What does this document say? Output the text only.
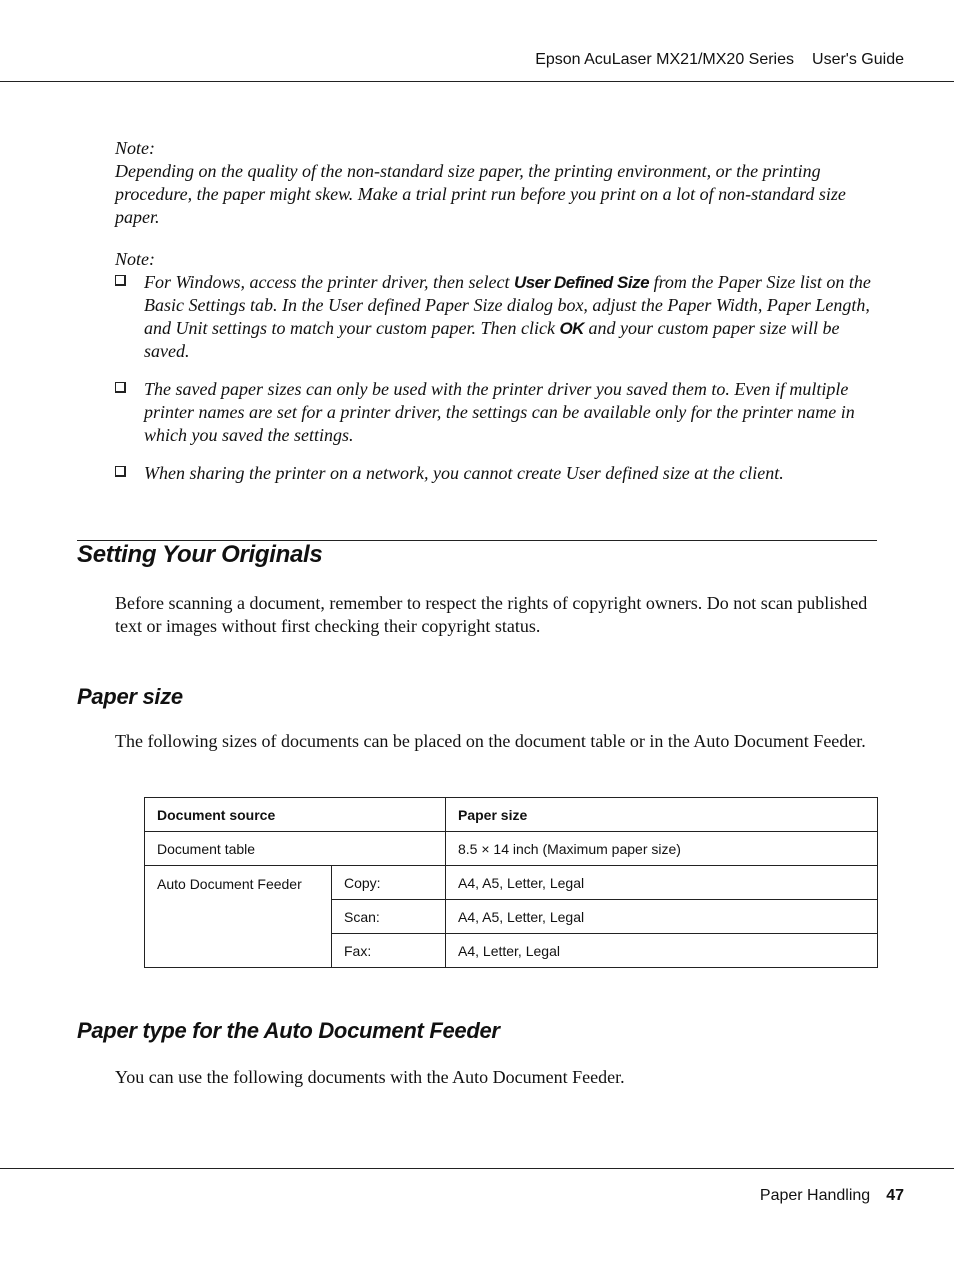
Epson AcuLaser MX21/MX20 Series User's Guide
Note:
Depending on the quality of the non-standard size paper, the printing environment, or the printing procedure, the paper might skew. Make a trial print run before you print on a lot of non-standard size paper.
Note:
For Windows, access the printer driver, then select User Defined Size from the Paper Size list on the Basic Settings tab. In the User defined Paper Size dialog box, adjust the Paper Width, Paper Length, and Unit settings to match your custom paper. Then click OK and your custom paper size will be saved.
The saved paper sizes can only be used with the printer driver you saved them to. Even if multiple printer names are set for a printer driver, the settings can be available only for the printer name in which you saved the settings.
When sharing the printer on a network, you cannot create User defined size at the client.
Setting Your Originals
Before scanning a document, remember to respect the rights of copyright owners. Do not scan published text or images without first checking their copyright status.
Paper size
The following sizes of documents can be placed on the document table or in the Auto Document Feeder.
Document source		Paper size
Document table		8.5 × 14 inch (Maximum paper size)
Auto Document Feeder	Copy:	A4, A5, Letter, Legal
	Scan:	A4, A5, Letter, Legal
	Fax:	A4, Letter, Legal
Paper type for the Auto Document Feeder
You can use the following documents with the Auto Document Feeder.
Paper Handling 47
